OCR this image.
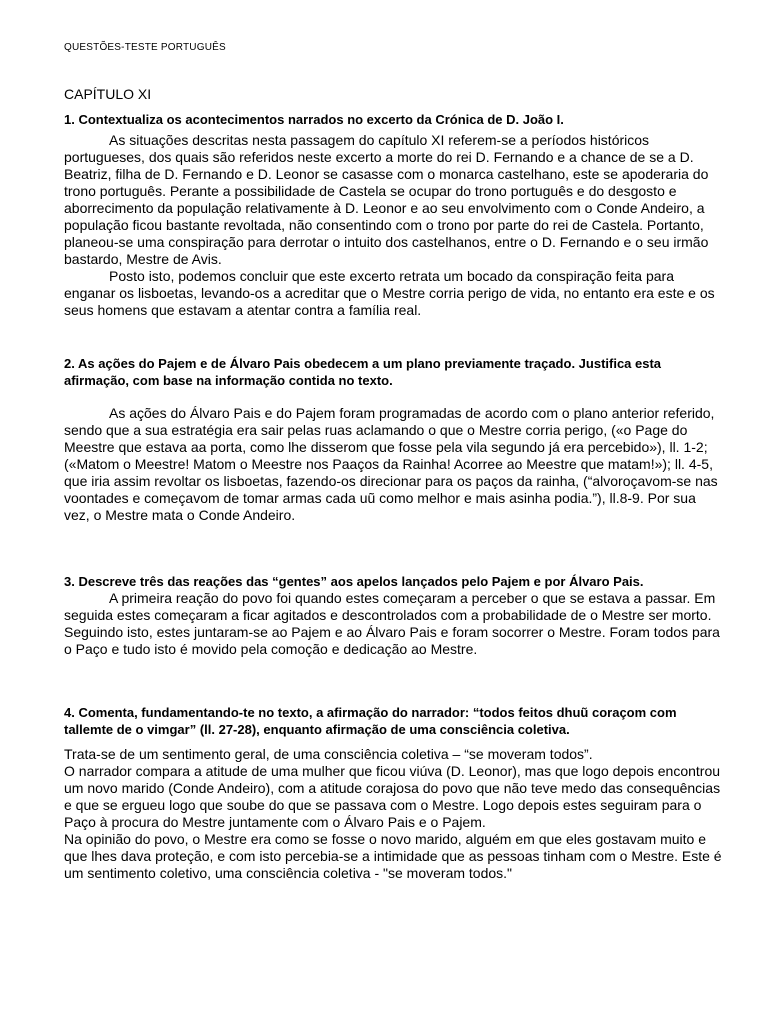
QUESTÕES-TESTE PORTUGUÊS
CAPÍTULO XI

1. Contextualiza os acontecimentos narrados no excerto da Crónica de D. João I.

As situações descritas nesta passagem do capítulo XI referem-se a períodos históricos portugueses, dos quais são referidos neste excerto a morte do rei D. Fernando e a chance de se a D. Beatriz, filha de D. Fernando e D. Leonor se casasse com o monarca castelhano, este se apoderaria do trono português. Perante a possibilidade de Castela se ocupar do trono português e do desgosto e aborrecimento da população relativamente à D. Leonor e ao seu envolvimento com o Conde Andeiro, a população ficou bastante revoltada, não consentindo com o trono por parte do rei de Castela. Portanto, planeou-se uma conspiração para derrotar o intuito dos castelhanos, entre o D. Fernando e o seu irmão bastardo, Mestre de Avis.

Posto isto, podemos concluir que este excerto retrata um bocado da conspiração feita para enganar os lisboetas, levando-os a acreditar que o Mestre corria perigo de vida, no entanto era este e os seus homens que estavam a atentar contra a família real.

2. As ações do Pajem e de Álvaro Pais obedecem a um plano previamente traçado. Justifica esta afirmação, com base na informação contida no texto.

As ações do Álvaro Pais e do Pajem foram programadas de acordo com o plano anterior referido, sendo que a sua estratégia era sair pelas ruas aclamando o que o Mestre corria perigo, («o Page do Meestre que estava aa porta, como lhe disserom que fosse pela vila segundo já era percebido»), ll. 1-2; («Matom o Meestre! Matom o Meestre nos Paaços da Rainha! Acorree ao Meestre que matam!»); ll. 4-5, que iria assim revoltar os lisboetas, fazendo-os direcionar para os paços da rainha, (“alvoroçavom-se nas voontades e começavom de tomar armas cada uũ como melhor e mais asinha podia.”), ll.8-9. Por sua vez, o Mestre mata o Conde Andeiro.

3. Descreve três das reações das “gentes” aos apelos lançados pelo Pajem e por Álvaro Pais.

A primeira reação do povo foi quando estes começaram a perceber o que se estava a passar. Em seguida estes começaram a ficar agitados e descontrolados com a probabilidade de o Mestre ser morto. Seguindo isto, estes juntaram-se ao Pajem e ao Álvaro Pais e foram socorrer o Mestre. Foram todos para o Paço e tudo isto é movido pela comoção e dedicação ao Mestre.

4. Comenta, fundamentando-te no texto, a afirmação do narrador: “todos feitos dhuũ coraçom com tallemte de o vimgar” (ll. 27-28), enquanto afirmação de uma consciência coletiva.

Trata-se de um sentimento geral, de uma consciência coletiva – “se moveram todos”.

O narrador compara a atitude de uma mulher que ficou viúva (D. Leonor), mas que logo depois encontrou um novo marido (Conde Andeiro), com a atitude corajosa do povo que não teve medo das consequências e que se ergueu logo que soube do que se passava com o Mestre. Logo depois estes seguiram para o Paço à procura do Mestre juntamente com o Álvaro Pais e o Pajem.

Na opinião do povo, o Mestre era como se fosse o novo marido, alguém em que eles gostavam muito e que lhes dava proteção, e com isto percebia-se a intimidade que as pessoas tinham com o Mestre. Este é um sentimento coletivo, uma consciência coletiva - "se moveram todos."
